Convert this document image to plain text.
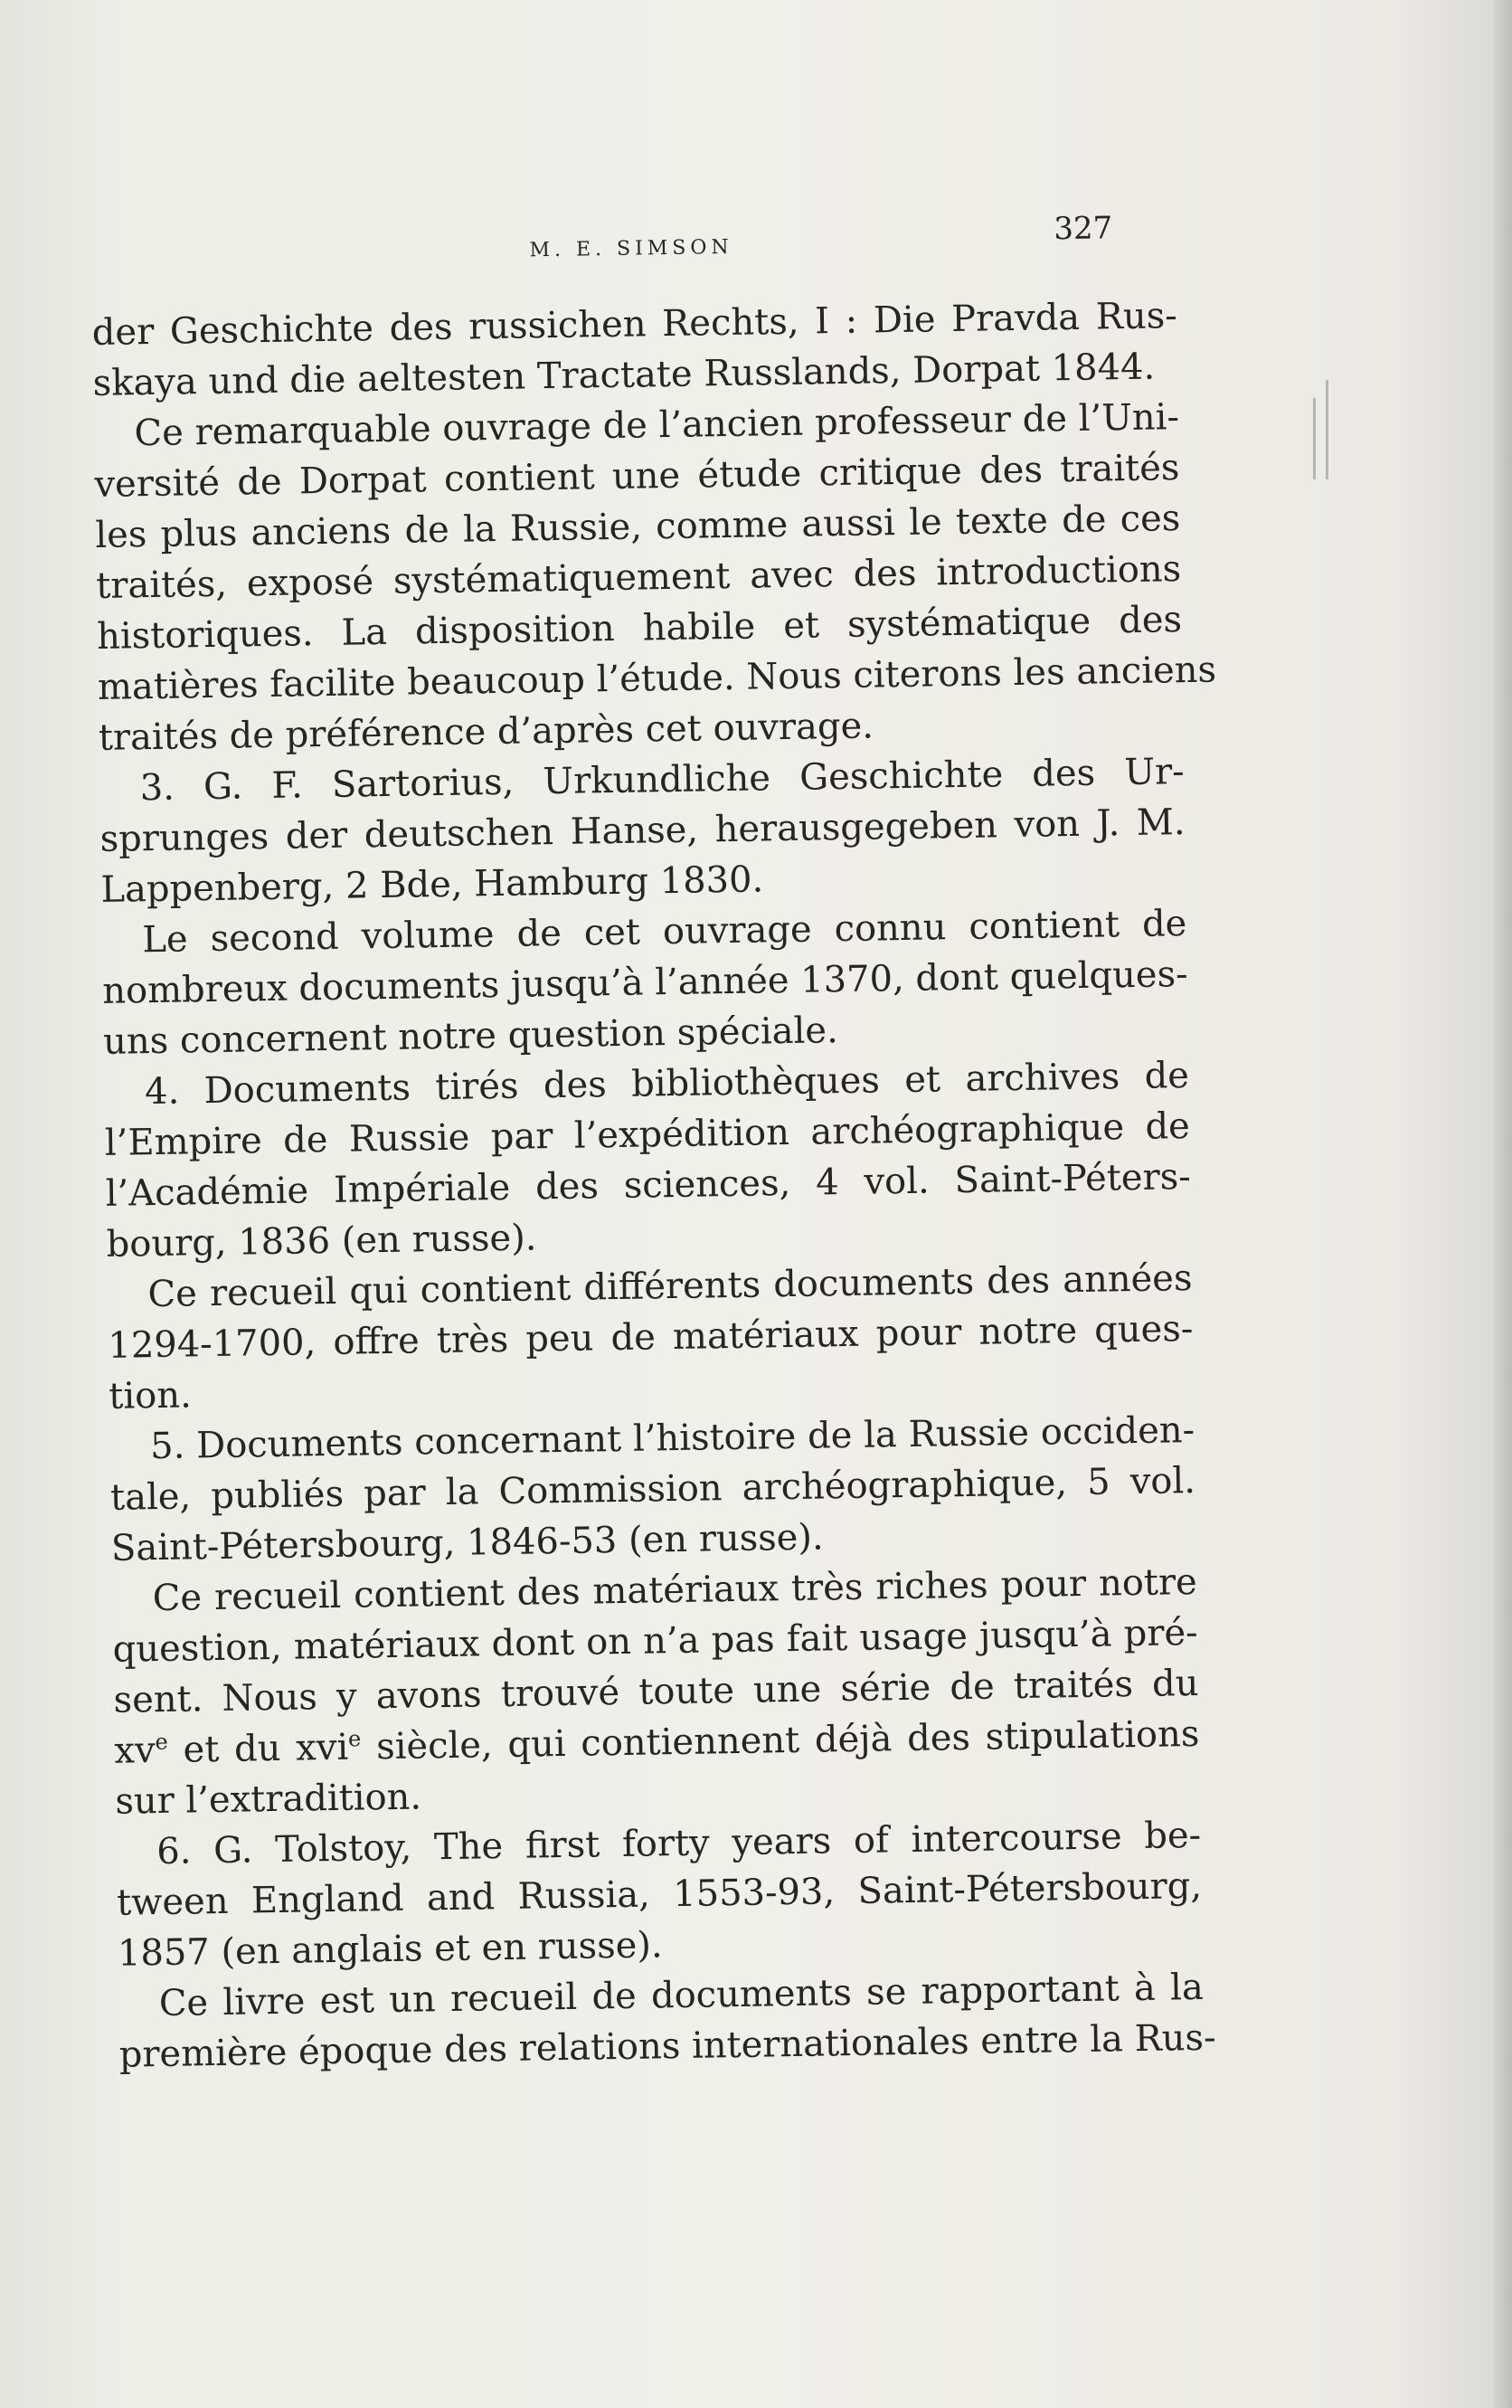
M. E. SIMSON
327
der Geschichte des russichen Rechts, I : Die Pravda Rus-
skaya und die aeltesten Tractate Russlands, Dorpat 1844.
Ce remarquable ouvrage de l’ancien professeur de l’Uni-
versité de Dorpat contient une étude critique des traités
les plus anciens de la Russie, comme aussi le texte de ces
traités, exposé systématiquement avec des introductions
historiques. La disposition habile et systématique des
matières facilite beaucoup l’étude. Nous citerons les anciens
traités de préférence d’après cet ouvrage.
3. G. F. Sartorius, Urkundliche Geschichte des Ur-
sprunges der deutschen Hanse, herausgegeben von J. M.
Lappenberg, 2 Bde, Hamburg 1830.
Le second volume de cet ouvrage connu contient de
nombreux documents jusqu’à l’année 1370, dont quelques-
uns concernent notre question spéciale.
4. Documents tirés des bibliothèques et archives de
l’Empire de Russie par l’expédition archéographique de
l’Académie Impériale des sciences, 4 vol. Saint-Péters-
bourg, 1836 (en russe).
Ce recueil qui contient différents documents des années
1294-1700, offre très peu de matériaux pour notre ques-
tion.
5. Documents concernant l’histoire de la Russie occiden-
tale, publiés par la Commission archéographique, 5 vol.
Saint-Pétersbourg, 1846-53 (en russe).
Ce recueil contient des matériaux très riches pour notre
question, matériaux dont on n’a pas fait usage jusqu’à pré-
sent. Nous y avons trouvé toute une série de traités du
$xv^e$ et du xvi$^e$ siècle, qui contiennent déjà des stipulations
sur l’extradition.
6. G. Tolstoy, The first forty years of intercourse be-
tween England and Russia, 1553-93, Saint-Pétersbourg,
1857 (en anglais et en russe).
Ce livre est un recueil de documents se rapportant à la
première époque des relations internationales entre la Rus-
